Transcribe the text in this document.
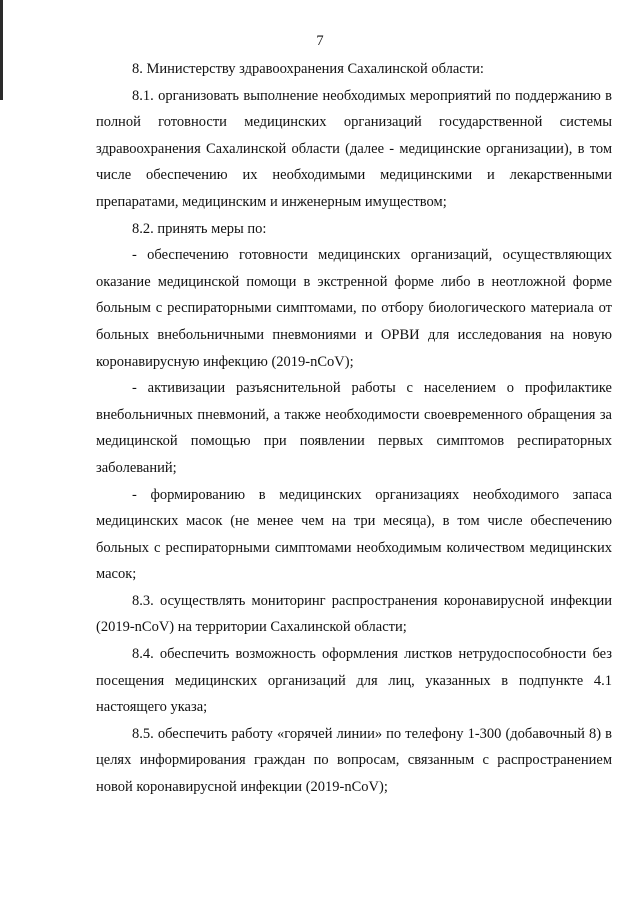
7

8. Министерству здравоохранения Сахалинской области:

8.1. организовать выполнение необходимых мероприятий по поддержанию в полной готовности медицинских организаций государственной системы здравоохранения Сахалинской области (далее - медицинские организации), в том числе обеспечению их необходимыми медицинскими и лекарственными препаратами, медицинским и инженерным имуществом;

8.2. принять меры по:

- обеспечению готовности медицинских организаций, осуществляющих оказание медицинской помощи в экстренной форме либо в неотложной форме больным с респираторными симптомами, по отбору биологического материала от больных внебольничными пневмониями и ОРВИ для исследования на новую коронавирусную инфекцию (2019-nCoV);

- активизации разъяснительной работы с населением о профилактике внебольничных пневмоний, а также необходимости своевременного обращения за медицинской помощью при появлении первых симптомов респираторных заболеваний;

- формированию в медицинских организациях необходимого запаса медицинских масок (не менее чем на три месяца), в том числе обеспечению больных с респираторными симптомами необходимым количеством медицинских масок;

8.3. осуществлять мониторинг распространения коронавирусной инфекции (2019-nCoV) на территории Сахалинской области;

8.4. обеспечить возможность оформления листков нетрудоспособности без посещения медицинских организаций для лиц, указанных в подпункте 4.1 настоящего указа;

8.5. обеспечить работу «горячей линии» по телефону 1-300 (добавочный 8) в целях информирования граждан по вопросам, связанным с распространением новой коронавирусной инфекции (2019-nCoV);
